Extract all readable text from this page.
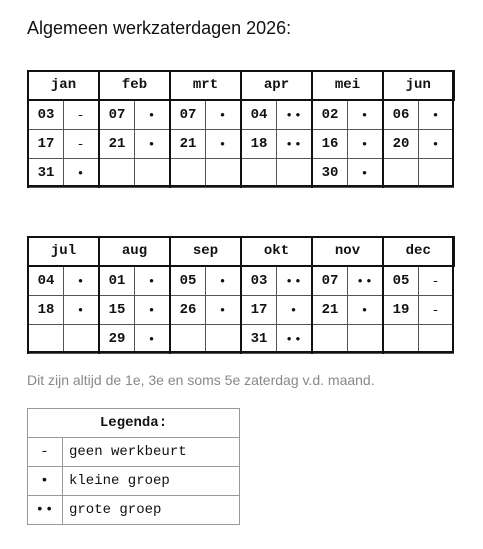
Algemeen werkzaterdagen 2026:
jan		feb		mrt		apr		mei		jun	
03	-	07	•	07	•	04	••	02	•	06	•
17	-	21	•	21	•	18	••	16	•	20	•
31	•							30	•		
jul		aug		sep		okt		nov		dec	
04	•	01	•	05	•	03	••	07	••	05	-
18	•	15	•	26	•	17	•	21	•	19	-
		29	•			31	••				
Dit zijn altijd de 1e, 3e en soms 5e zaterdag v.d. maand.
Legenda:	
-	geen werkbeurt
•	kleine groep
••	grote groep
